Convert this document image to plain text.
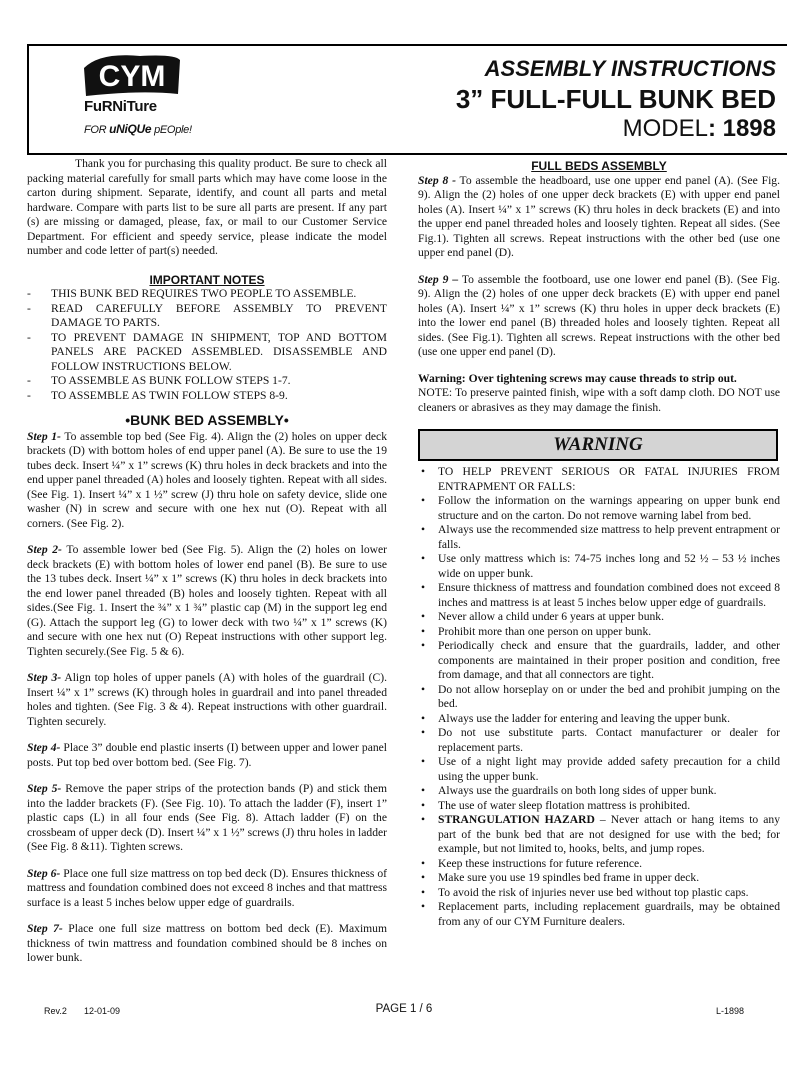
CYM
FuRNiTure
FOR uNiQUe pEOple!
ASSEMBLY INSTRUCTIONS
3” FULL-FULL BUNK BED
MODEL: 1898

Thank you for purchasing this quality product. Be sure to check all packing material carefully for small parts which may have come loose in the carton during shipment. Separate, identify, and count all parts and metal hardware. Compare with parts list to be sure all parts are present. If any part (s) are missing or damaged, please, fax, or mail to our Customer Service Department. For efficient and speedy service, please indicate the model number and code letter of part(s) needed.

IMPORTANT NOTES
- THIS BUNK BED REQUIRES TWO PEOPLE TO ASSEMBLE.
- READ CAREFULLY BEFORE ASSEMBLY TO PREVENT DAMAGE TO PARTS.
- TO PREVENT DAMAGE IN SHIPMENT, TOP AND BOTTOM PANELS ARE PACKED ASSEMBLED. DISASSEMBLE AND FOLLOW INSTRUCTIONS BELOW.
- TO ASSEMBLE AS BUNK FOLLOW STEPS 1-7.
- TO ASSEMBLE AS TWIN FOLLOW STEPS 8-9.
•BUNK BED ASSEMBLY•

Step 1- To assemble top bed (See Fig. 4). Align the (2) holes on upper deck brackets (D) with bottom holes of end upper panel (A). Be sure to use the 19 tubes deck. Insert ¼” x 1” screws (K) thru holes in deck brackets and into the end upper panel threaded (A) holes and loosely tighten. Repeat with all sides. (See Fig. 1). Insert ¼” x 1 ½” screw (J) thru hole on safety device, slide one washer (N) in screw and secure with one hex nut (O). Repeat with all corners. (See Fig. 2).

Step 2- To assemble lower bed (See Fig. 5). Align the (2) holes on lower deck brackets (E) with bottom holes of lower end panel (B). Be sure to use the 13 tubes deck. Insert ¼” x 1” screws (K) thru holes in deck brackets into the end lower panel threaded (B) holes and loosely tighten. Repeat with all sides.(See Fig. 1. Insert the ¾” x 1 ¾” plastic cap (M) in the support leg end (G). Attach the support leg (G) to lower deck with two ¼” x 1” screws (K) and secure with one hex nut (O) Repeat instructions with other support leg. Tighten securely.(See Fig. 5 & 6).

Step 3- Align top holes of upper panels (A) with holes of the guardrail (C). Insert ¼” x 1” screws (K) through holes in guardrail and into panel threaded holes and tighten. (See Fig. 3 & 4). Repeat instructions with other guardrail. Tighten securely.

Step 4- Place 3” double end plastic inserts (I) between upper and lower panel posts. Put top bed over bottom bed. (See Fig. 7).

Step 5- Remove the paper strips of the protection bands (P) and stick them into the ladder brackets (F). (See Fig. 10). To attach the ladder (F), insert 1” plastic caps (L) in all four ends (See Fig. 8). Attach ladder (F) on the crossbeam of upper deck (D). Insert ¼” x 1 ½” screws (J) thru holes in ladder (See Fig. 8 &11). Tighten screws.

Step 6- Place one full size mattress on top bed deck (D). Ensures thickness of mattress and foundation combined does not exceed 8 inches and that mattress surface is a least 5 inches below upper edge of guardrails.

Step 7- Place one full size mattress on bottom bed deck (E). Maximum thickness of twin mattress and foundation combined should be 8 inches on lower bunk.

FULL BEDS ASSEMBLY

Step 8 - To assemble the headboard, use one upper end panel (A). (See Fig. 9). Align the (2) holes of one upper deck brackets (E) with upper end panel holes (A). Insert ¼” x 1” screws (K) thru holes in deck brackets (E) and into the upper end panel threaded holes and loosely tighten. Repeat all sides. (See Fig.1). Tighten all screws. Repeat instructions with the other bed (use one upper end panel (D).

Step 9 – To assemble the footboard, use one lower end panel (B). (See Fig. 9). Align the (2) holes of one upper deck brackets (E) with upper end panel holes (A). Insert ¼” x 1” screws (K) thru holes in upper deck brackets (E) into the lower end panel (B) threaded holes and loosely tighten. Repeat all sides. (See Fig.1). Tighten all screws. Repeat instructions with the other bed (use one upper end panel (D).

Warning: Over tightening screws may cause threads to strip out.

NOTE: To preserve painted finish, wipe with a soft damp cloth. DO NOT use cleaners or abrasives as they may damage the finish.

WARNING
• TO HELP PREVENT SERIOUS OR FATAL INJURIES FROM ENTRAPMENT OR FALLS:
• Follow the information on the warnings appearing on upper bunk end structure and on the carton. Do not remove warning label from bed.
• Always use the recommended size mattress to help prevent entrapment or falls.
• Use only mattress which is: 74-75 inches long and 52 ½ – 53 ½ inches wide on upper bunk.
• Ensure thickness of mattress and foundation combined does not exceed 8 inches and mattress is at least 5 inches below upper edge of guardrails.
• Never allow a child under 6 years at upper bunk.
• Prohibit more than one person on upper bunk.
• Periodically check and ensure that the guardrails, ladder, and other components are maintained in their proper position and condition, free from damage, and that all connectors are tight.
• Do not allow horseplay on or under the bed and prohibit jumping on the bed.
• Always use the ladder for entering and leaving the upper bunk.
• Do not use substitute parts. Contact manufacturer or dealer for replacement parts.
• Use of a night light may provide added safety precaution for a child using the upper bunk.
• Always use the guardrails on both long sides of upper bunk.
• The use of water sleep flotation mattress is prohibited.
• STRANGULATION HAZARD – Never attach or hang items to any part of the bunk bed that are not designed for use with the bed; for example, but not limited to, hooks, belts, and jump ropes.
• Keep these instructions for future reference.
• Make sure you use 19 spindles bed frame in upper deck.
• To avoid the risk of injuries never use bed without top plastic caps.
• Replacement parts, including replacement guardrails, may be obtained from any of our CYM Furniture dealers.
Rev.2 12-01-09	PAGE 1 / 6	L-1898
